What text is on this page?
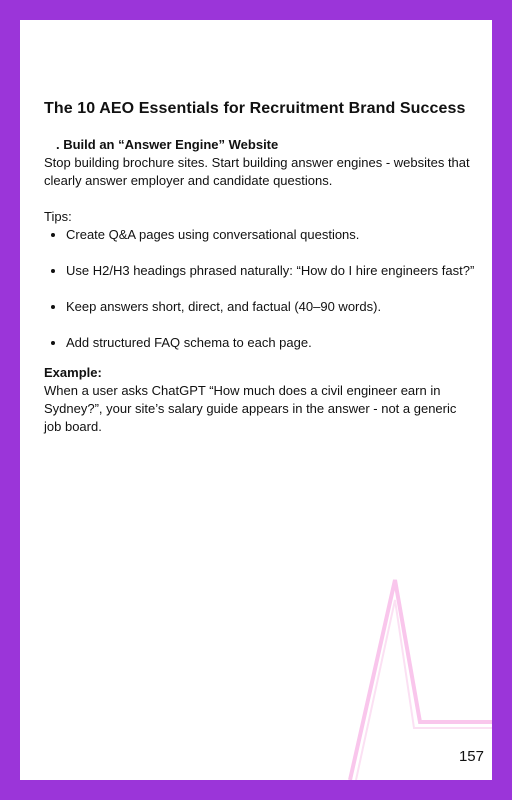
The 10 AEO Essentials for Recruitment Brand Success

. Build an “Answer Engine” Website

Stop building brochure sites. Start building answer engines - websites that clearly answer employer and candidate questions.

Tips:

• Create Q&A pages using conversational questions.
• Use H2/H3 headings phrased naturally: “How do I hire engineers fast?”
• Keep answers short, direct, and factual (40–90 words).
• Add structured FAQ schema to each page.

Example:

When a user asks ChatGPT “How much does a civil engineer earn in Sydney?”, your site’s salary guide appears in the answer - not a generic job board.

157
